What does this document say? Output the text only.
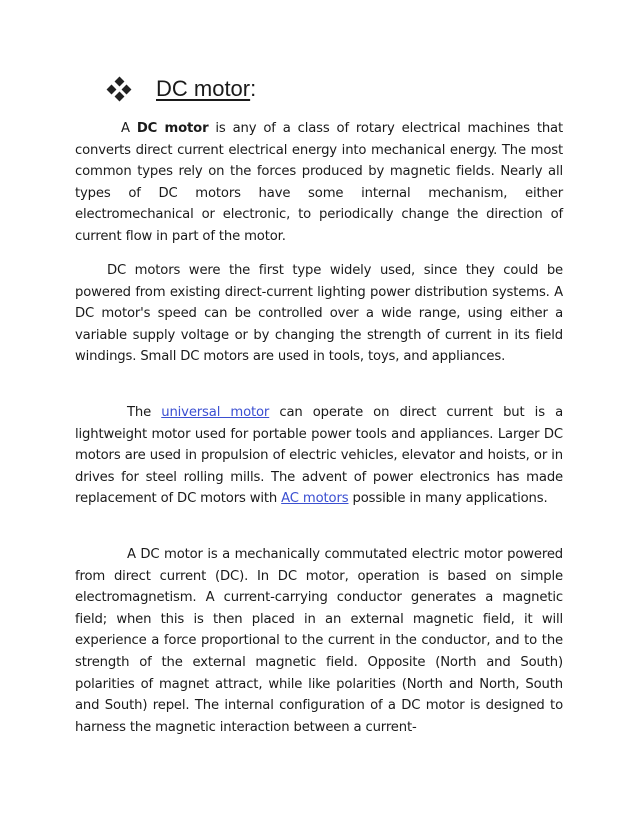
DC motor :

A DC motor is any of a class of rotary electrical machines that converts direct current electrical energy into mechanical energy. The most common types rely on the forces produced by magnetic fields. Nearly all types of DC motors have some internal mechanism, either electromechanical or electronic, to periodically change the direction of current flow in part of the motor.

DC motors were the first type widely used, since they could be powered from existing direct-current lighting power distribution systems. A DC motor's speed can be controlled over a wide range, using either a variable supply voltage or by changing the strength of current in its field windings. Small DC motors are used in tools, toys, and appliances.

The universal motor can operate on direct current but is a lightweight motor used for portable power tools and appliances. Larger DC motors are used in propulsion of electric vehicles, elevator and hoists, or in drives for steel rolling mills. The advent of power electronics has made replacement of DC motors with AC motors possible in many applications.

A DC motor is a mechanically commutated electric motor powered from direct current (DC). In DC motor, operation is based on simple electromagnetism. A current-carrying conductor generates a magnetic field; when this is then placed in an external magnetic field, it will experience a force proportional to the current in the conductor, and to the strength of the external magnetic field. Opposite (North and South) polarities of magnet attract, while like polarities (North and North, South and South) repel. The internal configuration of a DC motor is designed to harness the magnetic interaction between a current-
